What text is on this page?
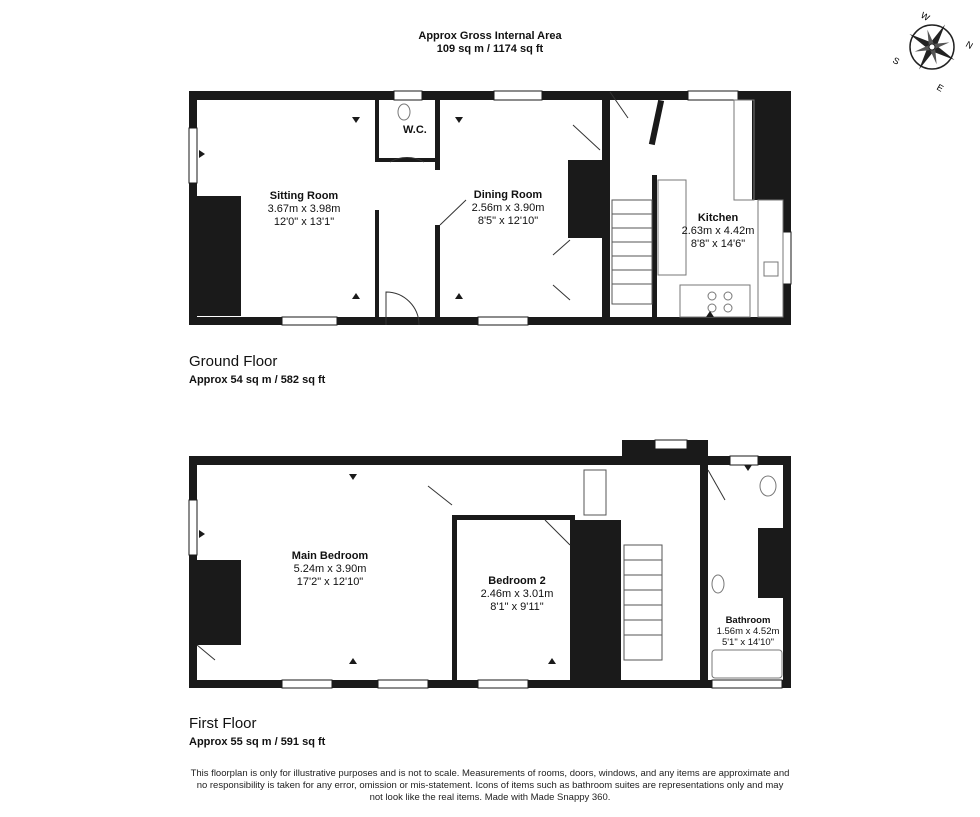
N
E
S
W
Approx Gross Internal Area
109 sq m / 1174 sq ft
W.C.
Sitting Room
3.67m x 3.98m
12'0" x 13'1"
Dining Room
2.56m x 3.90m
8'5" x 12'10"	Kitchen
2.63m x 4.42m
8'8" x 14'6"
Ground Floor
Approx 54 sq m / 582 sq ft
Main Bedroom
5.24m x 3.90m
17'2" x 12'10"	Bedroom 2
2.46m x 3.01m
8'1" x 9'11"
Bathroom
1.56m x 4.52m
5'1" x 14'10"
First Floor
Approx 55 sq m / 591 sq ft
This floorplan is only for illustrative purposes and is not to scale. Measurements of rooms, doors, windows, and any items are approximate and no responsibility is taken for any error, omission or mis-statement. Icons of items such as bathroom suites are representations only and may not look like the real items. Made with Made Snappy 360.
